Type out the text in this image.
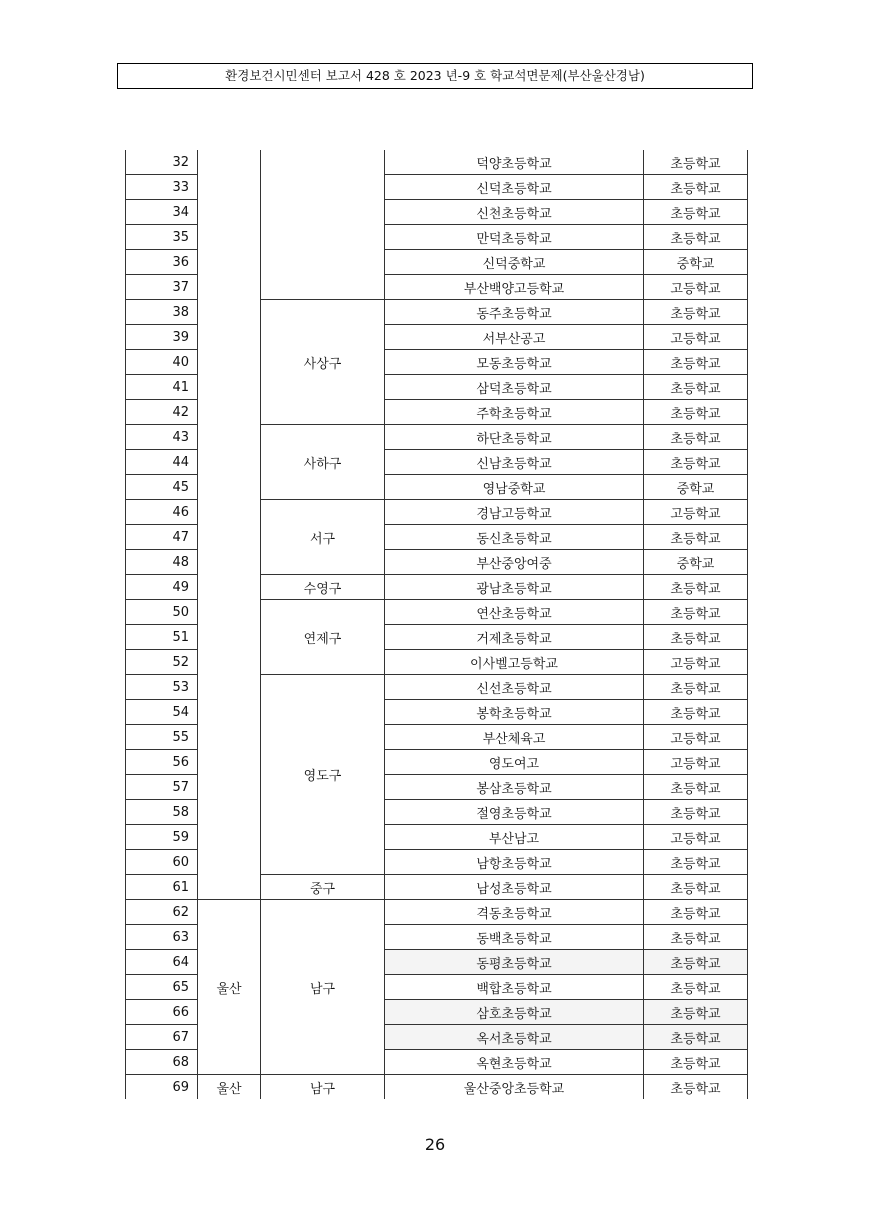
환경보건시민센터 보고서 428 호 2023 년-9 호 학교석면문제(부산울산경남)
32			덕양초등학교	초등학교
33			신덕초등학교	초등학교
34			신천초등학교	초등학교
35			만덕초등학교	초등학교
36			신덕중학교	중학교
37			부산백양고등학교	고등학교
38		사상구	동주초등학교	초등학교
39			서부산공고	고등학교
40			모동초등학교	초등학교
41			삼덕초등학교	초등학교
42			주학초등학교	초등학교
43		사하구	하단초등학교	초등학교
44			신남초등학교	초등학교
45			영남중학교	중학교
46		서구	경남고등학교	고등학교
47			동신초등학교	초등학교
48			부산중앙여중	중학교
49		수영구	광남초등학교	초등학교
50		연제구	연산초등학교	초등학교
51			거제초등학교	초등학교
52			이사벨고등학교	고등학교
53		영도구	신선초등학교	초등학교
54			봉학초등학교	초등학교
55			부산체육고	고등학교
56			영도여고	고등학교
57			봉삼초등학교	초등학교
58			절영초등학교	초등학교
59			부산남고	고등학교
60			남항초등학교	초등학교
61		중구	남성초등학교	초등학교
62	울산	남구	격동초등학교	초등학교
63			동백초등학교	초등학교
64			동평초등학교	초등학교
65			백합초등학교	초등학교
66			삼호초등학교	초등학교
67			옥서초등학교	초등학교
68			옥현초등학교	초등학교
69	울산	남구	울산중앙초등학교	초등학교
26
